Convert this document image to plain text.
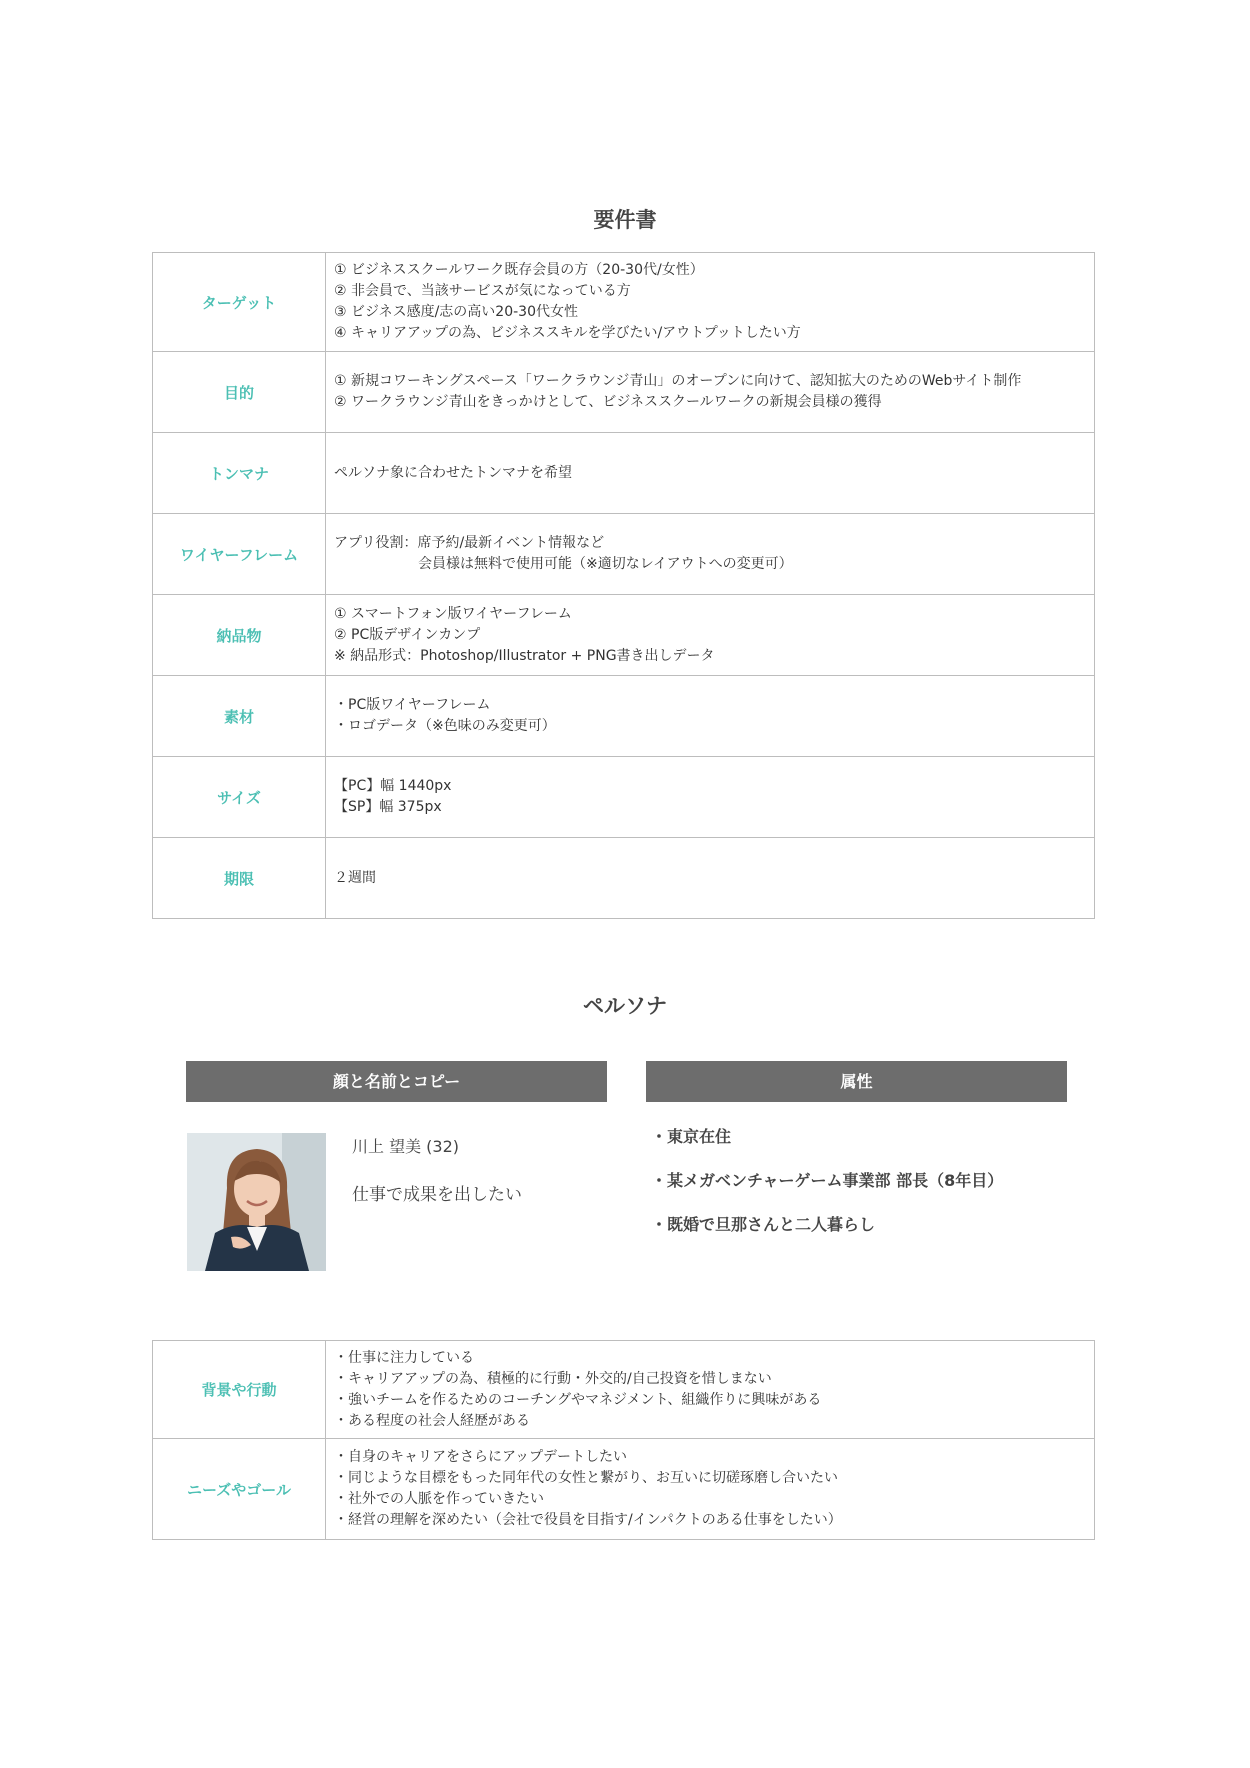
要件書
ターゲット	① ビジネススクールワーク既存会員の方（20-30代/女性）
② 非会員で、当該サービスが気になっている方
③ ビジネス感度/志の高い20-30代女性
④ キャリアアップの為、ビジネススキルを学びたい/アウトプットしたい方

目的	① 新規コワーキングスペース「ワークラウンジ青山」のオープンに向けて、認知拡大のためのWebサイト制作
② ワークラウンジ青山をきっかけとして、ビジネススクールワークの新規会員様の獲得

トンマナ	ペルソナ象に合わせたトンマナを希望

ワイヤーフレーム	アプリ役割：席予約/最新イベント情報など
会員様は無料で使用可能（※適切なレイアウトへの変更可）

納品物	① スマートフォン版ワイヤーフレーム
② PC版デザインカンプ
※ 納品形式：Photoshop/Illustrator + PNG書き出しデータ

素材	・PC版ワイヤーフレーム
・ロゴデータ（※色味のみ変更可）

サイズ	【PC】幅 1440px
【SP】幅 375px

期限	２週間
ペルソナ
顔と名前とコピー	属性
川上 望美 (32)
仕事で成果を出したい
・東京在住
・某メガベンチャーゲーム事業部 部長（8年目）
・既婚で旦那さんと二人暮らし
背景や行動	・仕事に注力している
・キャリアアップの為、積極的に行動・外交的/自己投資を惜しまない
・強いチームを作るためのコーチングやマネジメント、組織作りに興味がある
・ある程度の社会人経歴がある

ニーズやゴール	・自身のキャリアをさらにアップデートしたい
・同じような目標をもった同年代の女性と繋がり、お互いに切磋琢磨し合いたい
・社外での人脈を作っていきたい
・経営の理解を深めたい（会社で役員を目指す/インパクトのある仕事をしたい）
